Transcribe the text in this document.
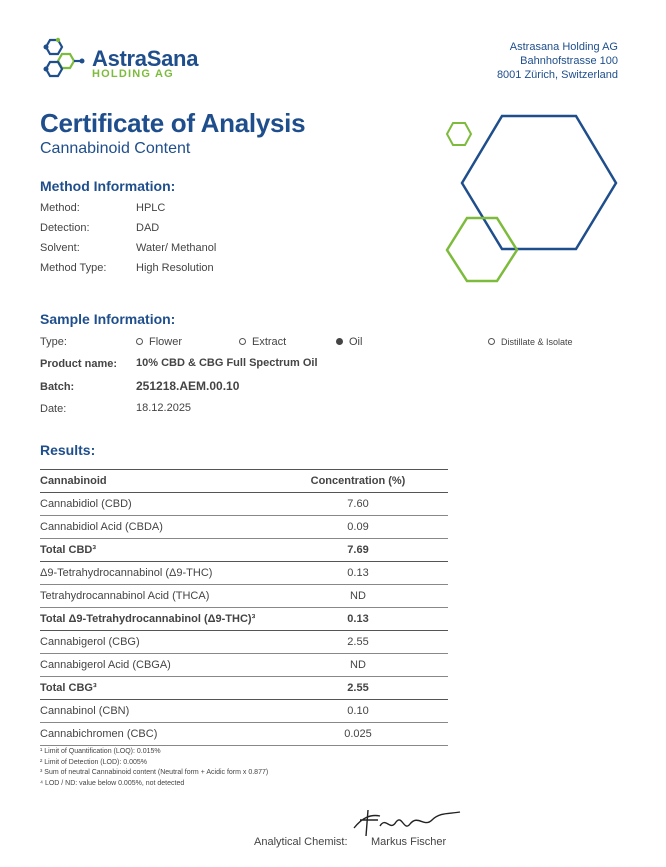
AstraSana
HOLDING AG
Astrasana Holding AG
Bahnhofstrasse 100
8001 Zürich, Switzerland
Certificate of Analysis
Cannabinoid Content
Method Information:
Method:	HPLC
Detection:	DAD
Solvent:	Water/ Methanol
Method Type:	High Resolution
Sample Information:
Type:	Flower	Extract	Oil	Distillate & Isolate
Product name: 10% CBD & CBG Full Spectrum Oil
Batch:	251218.AEM.00.10
Date:	18.12.2025
Results:
Cannabinoid	Concentration (%)
Cannabidiol (CBD)	7.60
Cannabidiol Acid (CBDA)	0.09
Total CBD³	7.69
Δ9-Tetrahydrocannabinol (Δ9-THC)	0.13
Tetrahydrocannabinol Acid (THCA)	ND
Total Δ9-Tetrahydrocannabinol (Δ9-THC)³	0.13
Cannabigerol (CBG)	2.55
Cannabigerol Acid (CBGA)	ND
Total CBG³	2.55
Cannabinol (CBN)	0.10
Cannabichromen (CBC)	0.025
¹ Limit of Quantification (LOQ): 0.015%
² Limit of Detection (LOD): 0.005%
³ Sum of neutral Cannabinoid content (Neutral form + Acidic form x 0.877)
⁴ LOD / ND: value below 0.005%, not detected
Analytical Chemist: Markus Fischer
